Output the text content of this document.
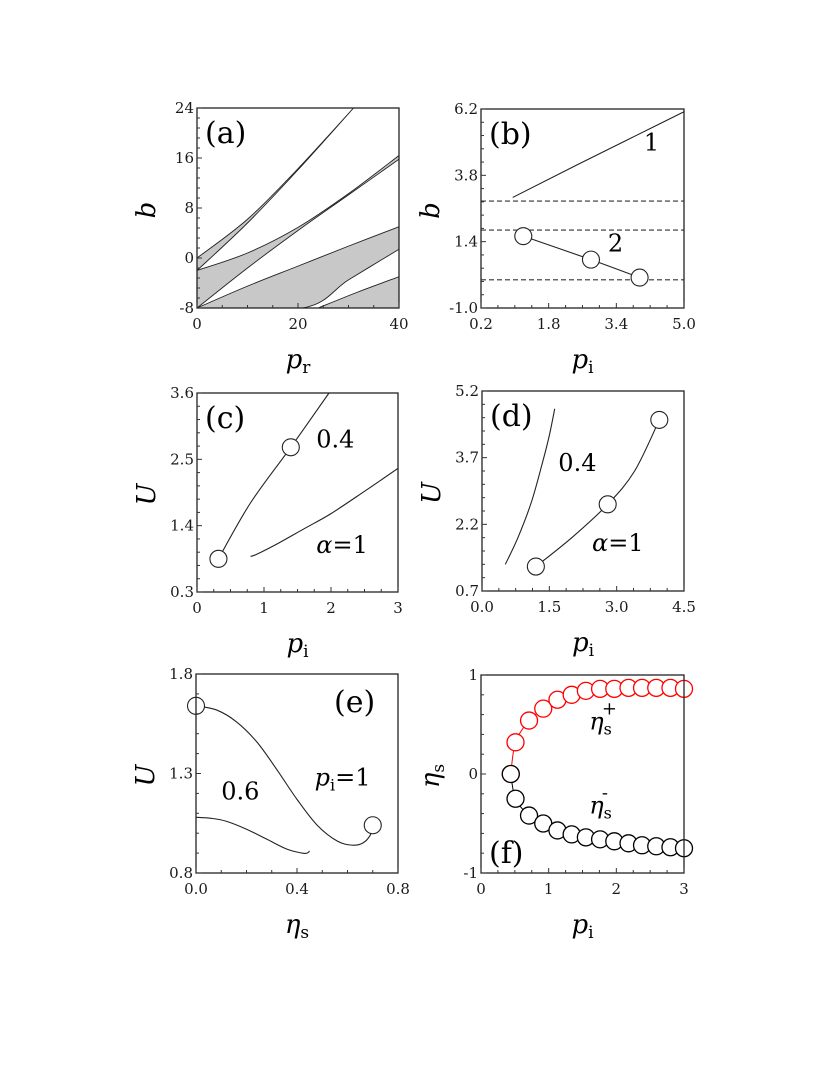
0	20	40
-8
0
8
16
24
pr
b
(a)
0.2	1.8	3.4	5.0
-1.0
1.4
3.8
6.2
pi
b
(b)	1
2
0	1	2	3
0.3
1.4
2.5
3.6
pi
U
(c)
0.4
α=1
0.0	1.5	3.0	4.5
0.7
2.2
3.7
5.2
pi
U
(d)
0.4
α=1
0.0	0.4	0.8
0.8
1.3
1.8
ηs
U
(e)
0.6 $p_i=1$
0	1	2	3
-1
0
1
pi
ηs
(f)
$\eta_s+$
$\eta_s-$
